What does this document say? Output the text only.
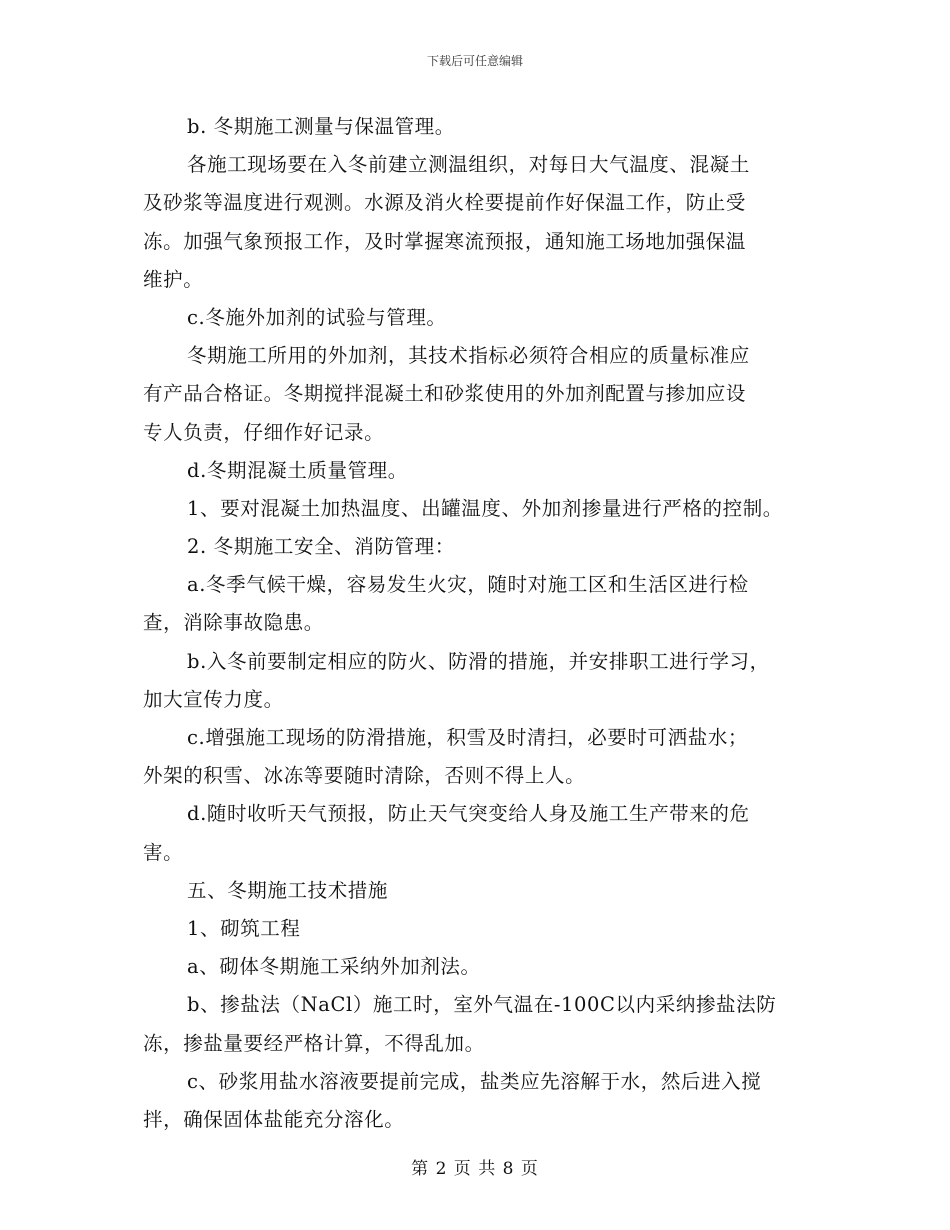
下载后可任意编辑
b. 冬期施工测量与保温管理。
各施工现场要在入冬前建立测温组织，对每日大气温度、混凝土
及砂浆等温度进行观测。水源及消火栓要提前作好保温工作，防止受
冻。加强气象预报工作，及时掌握寒流预报，通知施工场地加强保温
维护。
c.冬施外加剂的试验与管理。
冬期施工所用的外加剂，其技术指标必须符合相应的质量标准应
有产品合格证。冬期搅拌混凝土和砂浆使用的外加剂配置与掺加应设
专人负责，仔细作好记录。
d.冬期混凝土质量管理。
1、要对混凝土加热温度、出罐温度、外加剂掺量进行严格的控制。
2. 冬期施工安全、消防管理：
a.冬季气候干燥，容易发生火灾，随时对施工区和生活区进行检
查，消除事故隐患。
b.入冬前要制定相应的防火、防滑的措施，并安排职工进行学习，
加大宣传力度。
c.增强施工现场的防滑措施，积雪及时清扫，必要时可洒盐水；
外架的积雪、冰冻等要随时清除，否则不得上人。
d.随时收听天气预报，防止天气突变给人身及施工生产带来的危
害。
五、冬期施工技术措施
1、砌筑工程
a、砌体冬期施工采纳外加剂法。
b、掺盐法（NaCl）施工时，室外气温在-100C以内采纳掺盐法防
冻，掺盐量要经严格计算，不得乱加。
c、砂浆用盐水溶液要提前完成，盐类应先溶解于水，然后进入搅
拌，确保固体盐能充分溶化。
第 2 页 共 8 页
